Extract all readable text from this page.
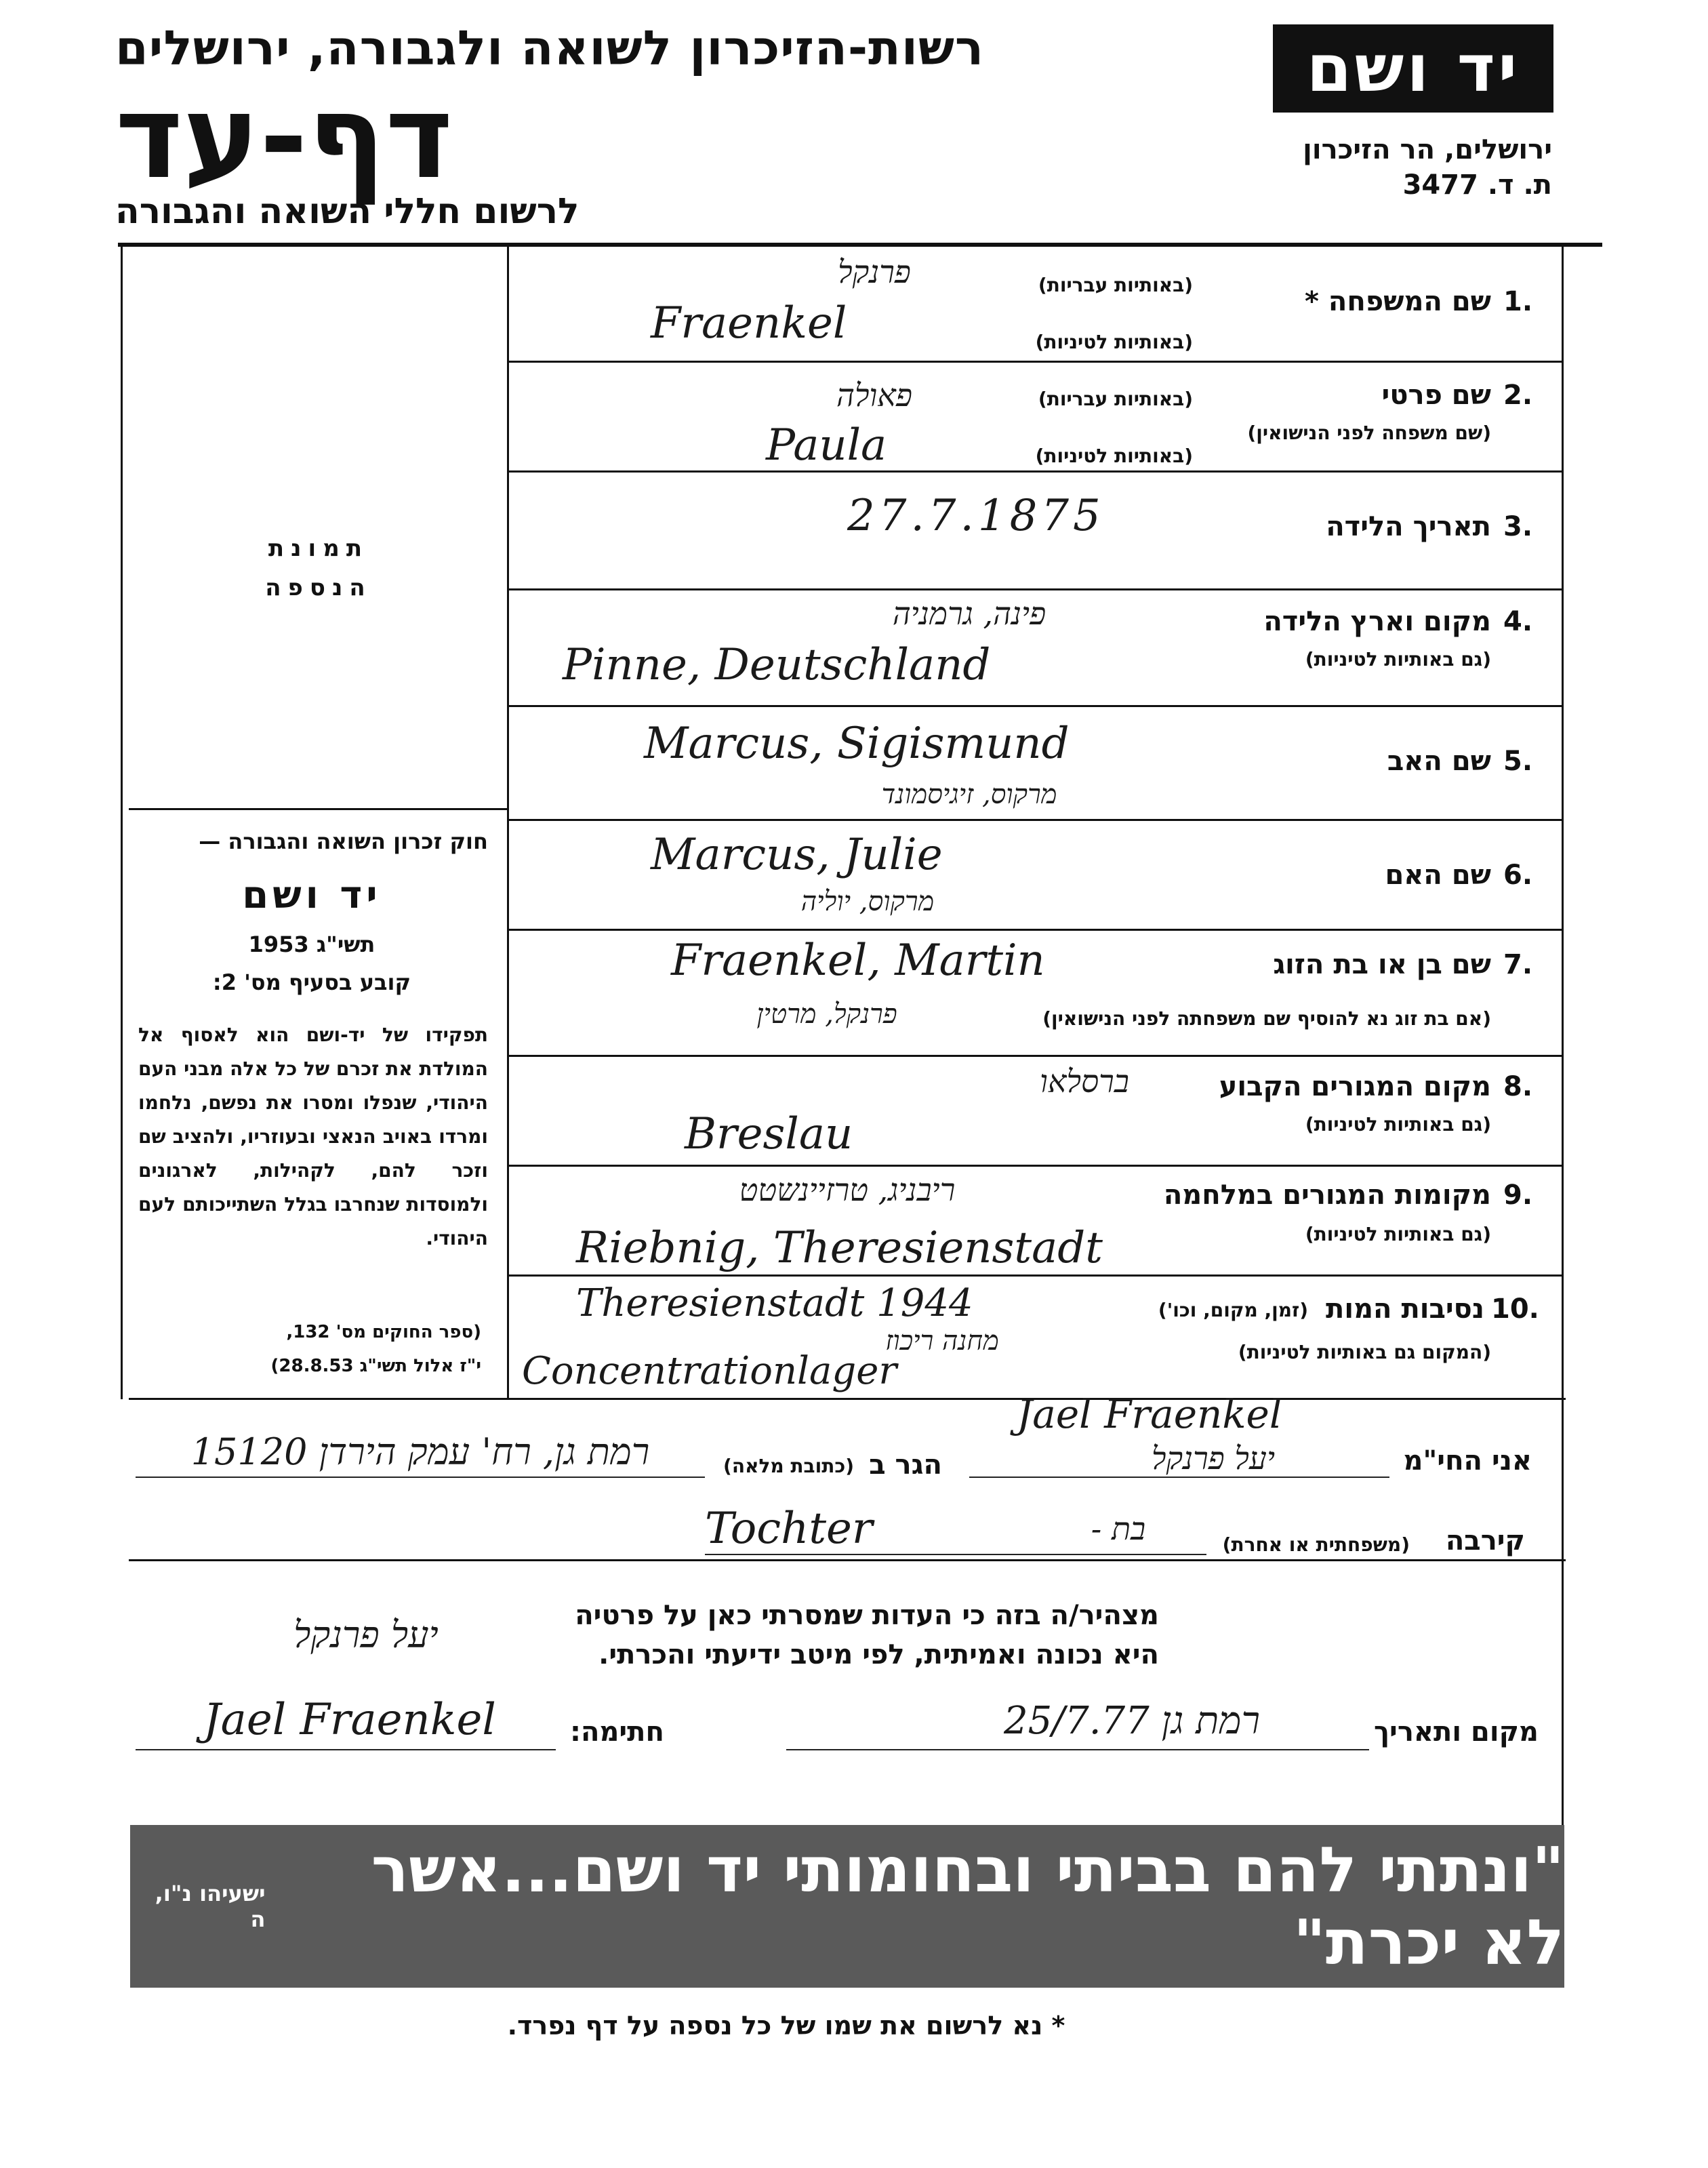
רשות-הזיכרון לשואה ולגבורה, ירושלים
דף-עד
לרשום חללי השואה והגבורה
יד ושם
ירושלים, הר הזיכרון
ת. ד. 3477
תמונת
הנספה
חוק זכרון השואה והגבורה —
יד ושם
תשי"ג 1953
קובע בסעיף מס' 2:
תפקידו של יד-ושם הוא לאסוף אל המולדת את זכרם של כל אלה מבני העם היהודי, שנפלו ומסרו את נפשם, נלחמו ומרדו באויב הנאצי ובעוזריו, ולהציב שם וזכר להם, לקהילות, לארגונים ולמוסדות שנחרבו בגלל השתייכותם לעם היהודי.
(ספר החוקים מס' 132,
י"ז אלול תשי"ג 28.8.53)
1.
שם המשפחה *
(באותיות עבריות)
(באותיות לטיניות)
פרנקל
Fraenkel
2.
שם פרטי
(שם משפחה לפני הנישואין)
(באותיות עבריות)
(באותיות לטיניות)
פאולה
Paula
3.
תאריך הלידה
27.7.1875
4.
מקום וארץ הלידה
(גם באותיות לטיניות)
פינה, גרמניה
Pinne, Deutschland
5.
שם האב
Marcus, Sigismund
מרקוס, זיגיסמונד
6.
שם האם
Marcus, Julie
מרקוס, יוליה
7.
שם בן או בת הזוג
(אם בת זוג נא להוסיף שם משפחתה לפני הנישואין)
Fraenkel, Martin
פרנקל, מרטין
8.
מקום המגורים הקבוע
(גם באותיות לטיניות)
ברסלאו
Breslau
9.
מקומות המגורים במלחמה
(גם באותיות לטיניות)
ריבניג, טרזיינשטט
Riebnig, Theresienstadt
10.
נסיבות המות
(זמן, מקום, וכו')
(המקום גם באותיות לטיניות)
Theresienstadt 1944
מחנה ריכוז
Concentrationlager
אני החי"מ
Jael Fraenkel
יעל פרנקל
הגר ב
(כתובת מלאה)
רמת גן, רח' עמק הירדן 15120
קירבה
(משפחתית או אחרת)
Tochter	בת -
מצהיר/ה בזה כי העדות שמסרתי כאן על פרטיה
היא נכונה ואמיתית, לפי מיטב ידיעתי והכרתי.
מקום ותאריך
רמת גן 25/7.77
חתימה:
יעל פרנקל
Jael Fraenkel
ישעיהו נ"ו, ה
"ונתתי להם בביתי ובחומותי יד ושם...אשר לא יכרת"
* נא לרשום את שמו של כל נספה על דף נפרד.
